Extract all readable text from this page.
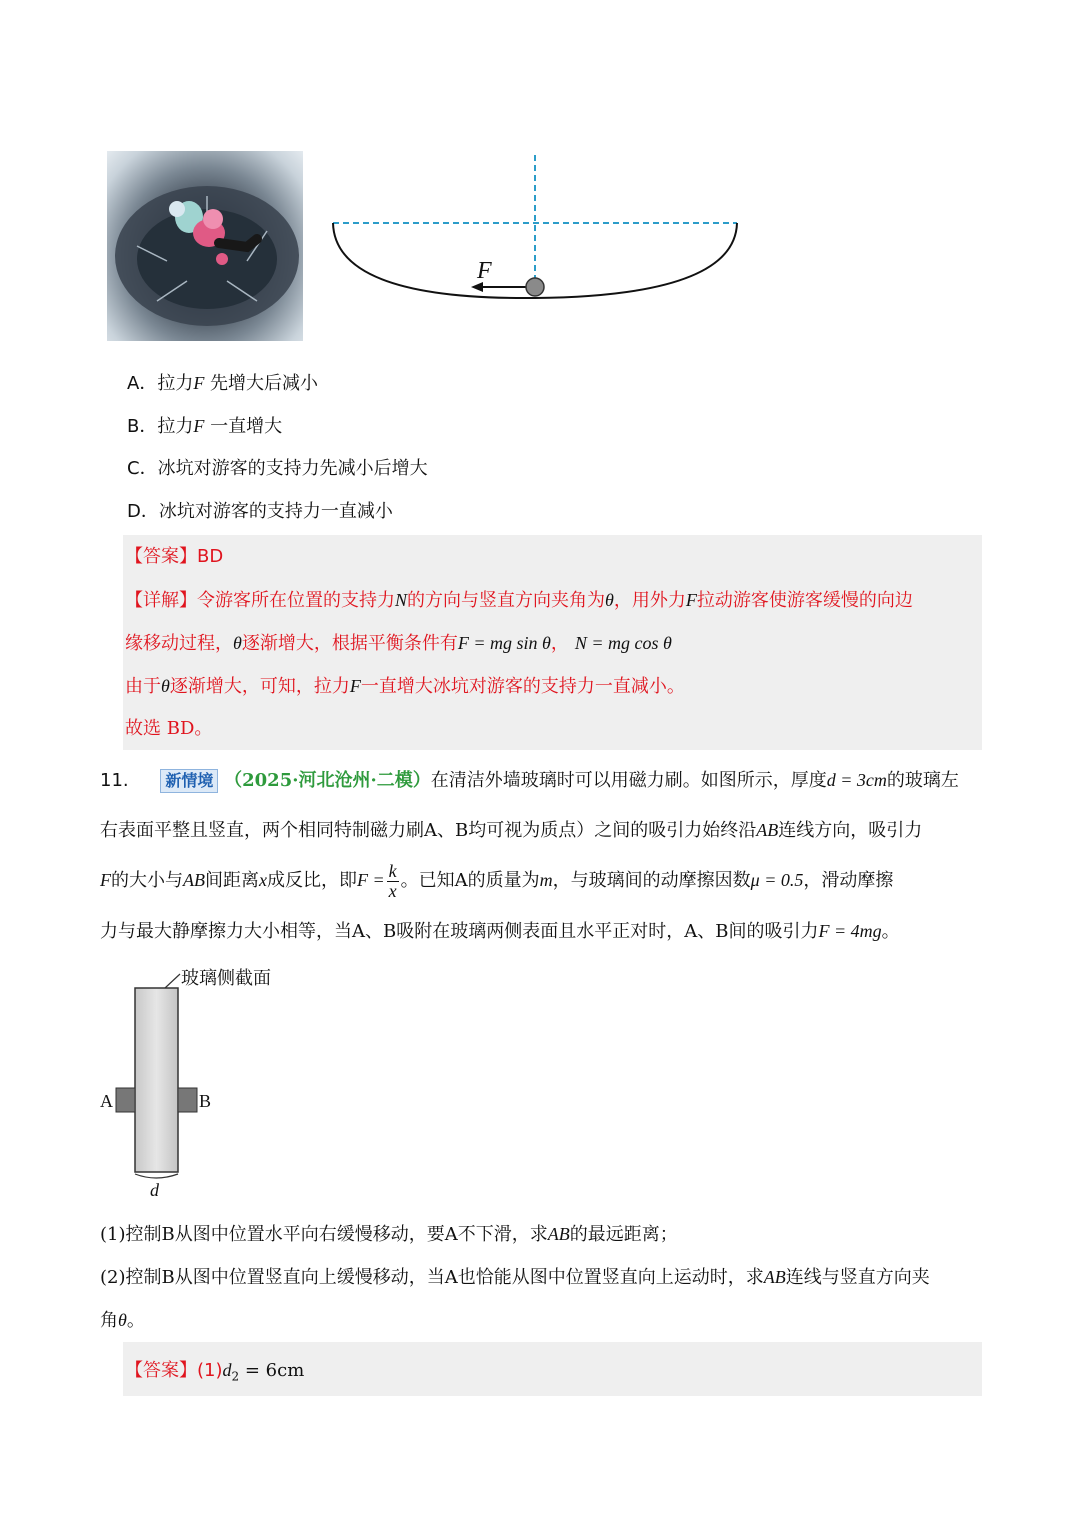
F
A．拉力F 先增大后减小
B．拉力F 一直增大
C．冰坑对游客的支持力先减小后增大
D．冰坑对游客的支持力一直减小
【答案】BD
【详解】令游客所在位置的支持力N的方向与竖直方向夹角为θ，用外力F拉动游客使游客缓慢的向边
缘移动过程，θ逐渐增大，根据平衡条件有F = mg sin θ， N = mg cos θ
由于θ逐渐增大，可知，拉力F一直增大冰坑对游客的支持力一直减小。
故选 BD。
11. 新情境 （2025·河北沧州·二模）在清洁外墙玻璃时可以用磁力刷。如图所示，厚度d = 3cm的玻璃左
右表面平整且竖直，两个相同特制磁力刷A、B均可视为质点）之间的吸引力始终沿AB连线方向，吸引力
F的大小与AB间距离x成反比，即$F = \frac{k}{x}$ 。已知A的质量为m，与玻璃间的动摩擦因数μ = 0.5，滑动摩擦
力与最大静摩擦力大小相等，当A、B吸附在玻璃两侧表面且水平正对时，A、B间的吸引力F = 4mg。
玻璃侧截面
A	B
d
(1)控制B从图中位置水平向右缓慢移动，要A不下滑，求AB的最远距离；
(2)控制B从图中位置竖直向上缓慢移动，当A也恰能从图中位置竖直向上运动时，求AB连线与竖直方向夹
角θ。
【答案】$(1)d_2 = 6cm$
